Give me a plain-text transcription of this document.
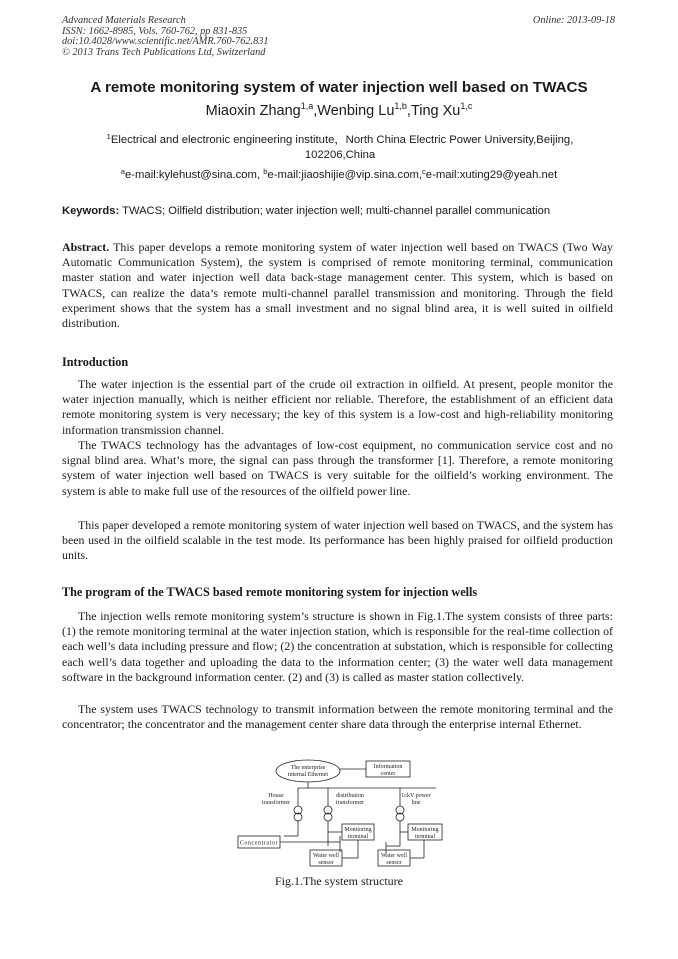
Advanced Materials Research
ISSN: 1662-8985, Vols. 760-762, pp 831-835
doi:10.4028/www.scientific.net/AMR.760-762.831
© 2013 Trans Tech Publications Ltd, Switzerland
Online: 2013-09-18
A remote monitoring system of water injection well based on TWACS
Miaoxin Zhang$^{1,a}$,Wenbing Lu$^{1,b}$,Ting Xu$^{1,c}$
$^1$Electrical and electronic engineering institute，North China Electric Power University,Beijing,
102206,China
$^a$e-mail:kylehust@sina.com, $^b$e-mail:jiaoshijie@vip.sina.com,$^c$e-mail:xuting29@yeah.net
Keywords: TWACS; Oilfield distribution; water injection well; multi-channel parallel communication

Abstract. This paper develops a remote monitoring system of water injection well based on TWACS (Two Way Automatic Communication System), the system is comprised of remote monitoring terminal, communication master station and water injection well data back-stage management center. This system, which is based on TWACS, can realize the data’s remote multi-channel parallel transmission and monitoring. Through the field experiment shows that the system has a small investment and no signal blind area, it is well suited in oilfield distribution.

Introduction

The water injection is the essential part of the crude oil extraction in oilfield. At present, people monitor the water injection manually, which is neither efficient nor reliable. Therefore, the establishment of an efficient data remote monitoring system is very necessary; the key of this system is a low-cost and high-reliability monitoring information transmission channel.

The TWACS technology has the advantages of low-cost equipment, no communication service cost and no signal blind area. What’s more, the signal can pass through the transformer [1]. Therefore, a remote monitoring system of water injection well based on TWACS is very suitable for the oilfield’s working environment. The system is able to make full use of the resources of the oilfield power line.

This paper developed a remote monitoring system of water injection well based on TWACS, and the system has been used in the oilfield scalable in the test mode. Its performance has been highly praised for oilfield production units.

The program of the TWACS based remote monitoring system for injection wells

The injection wells remote monitoring system’s structure is shown in Fig.1.The system consists of three parts: (1) the remote monitoring terminal at the water injection station, which is responsible for the real-time collection of each well’s data including pressure and flow; (2) the concentration at substation, which is responsible for collecting each well’s data together and uploading the data to the information center; (3) the water well data management software in the background information center. (2) and (3) is called as master station collectively.

The system uses TWACS technology to transmit information between the remote monitoring terminal and the concentrator; the concentrator and the management center share data through the enterprise internal Ethernet.

The enterprise
internal Ethernet
Information
center
House
transformer
distribution
transformer
1ckV power
line
Concentrator
Monitoring
terminal
Monitoring
terminal
Water well
sensor
Water well
sensor
Fig.1.The system structure
